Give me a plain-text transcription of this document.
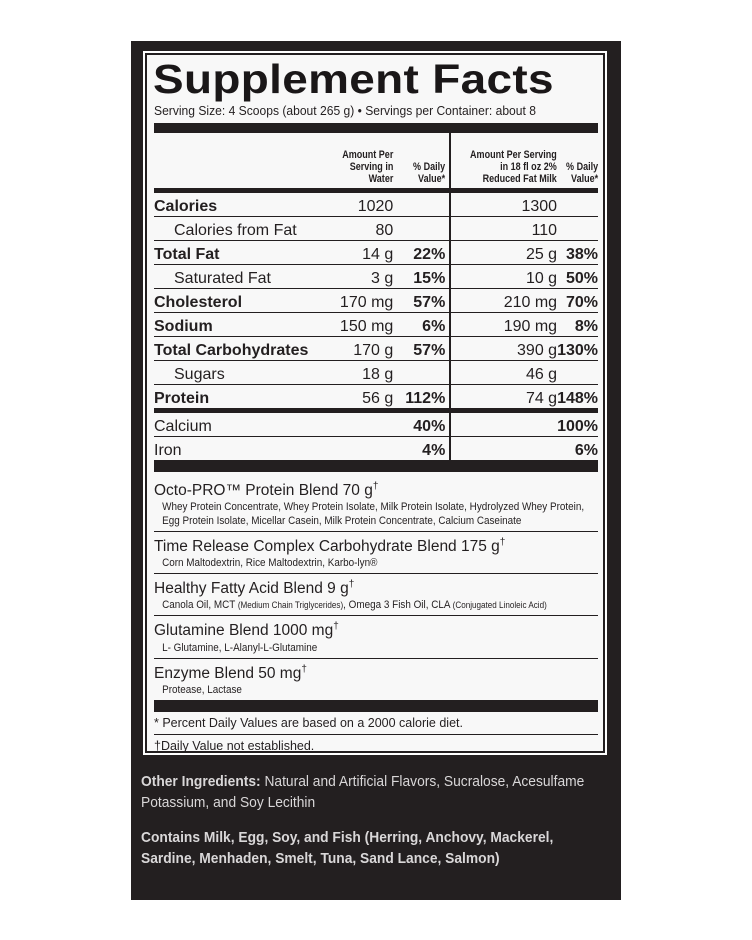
Supplement Facts
Serving Size: 4 Scoops (about 265 g) • Servings per Container: about 8
	Amount Per
Serving in
Water	% Daily
Value*	Amount Per Serving
in 18 fl oz 2%
Reduced Fat Milk	% Daily
Value*
Calories	1020		1300	
Calories from Fat	80		110	
Total Fat	14 g	22%	25 g	38%
Saturated Fat	3 g	15%	10 g	50%
Cholesterol	170 mg	57%	210 mg	70%
Sodium	150 mg	6%	190 mg	8%
Total Carbohydrates	170 g	57%	390 g	130%
Sugars	18 g		46 g	
Protein	56 g	112%	74 g	148%
Calcium		40%		100%
Iron		4%		6%
Octo-PRO™ Protein Blend 70 g†
Whey Protein Concentrate, Whey Protein Isolate, Milk Protein Isolate, Hydrolyzed Whey Protein, Egg Protein Isolate, Micellar Casein, Milk Protein Concentrate, Calcium Caseinate
Time Release Complex Carbohydrate Blend 175 g†
Corn Maltodextrin, Rice Maltodextrin, Karbo-lyn®
Healthy Fatty Acid Blend 9 g†
Canola Oil, MCT (Medium Chain Triglycerides), Omega 3 Fish Oil, CLA (Conjugated Linoleic Acid)
Glutamine Blend 1000 mg†
L- Glutamine, L-Alanyl-L-Glutamine
Enzyme Blend 50 mg†
Protease, Lactase
* Percent Daily Values are based on a 2000 calorie diet.
†Daily Value not established.

Other Ingredients: Natural and Artificial Flavors, Sucralose, Acesulfame Potassium, and Soy Lecithin

Contains Milk, Egg, Soy, and Fish (Herring, Anchovy, Mackerel, Sardine, Menhaden, Smelt, Tuna, Sand Lance, Salmon)
